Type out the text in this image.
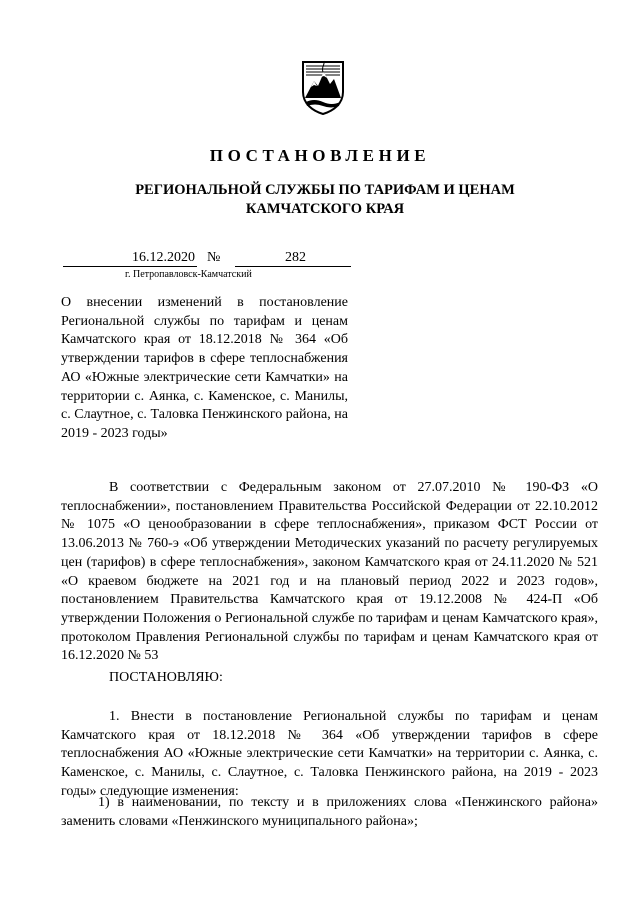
ПОСТАНОВЛЕНИЕ
РЕГИОНАЛЬНОЙ СЛУЖБЫ ПО ТАРИФАМ И ЦЕНАМ
КАМЧАТСКОГО КРАЯ
16.12.2020 №	282
г. Петропавловск-Камчатский

О внесении изменений в постановление Региональной службы по тарифам и ценам Камчатского края от 18.12.2018 № 364 «Об утверждении тарифов в сфере теплоснабжения АО «Южные электрические сети Камчатки» на территории с. Аянка, с. Каменское, с. Манилы, с. Слаутное, с. Таловка Пенжинского района, на 2019 - 2023 годы»

В соответствии с Федеральным законом от 27.07.2010 № 190-ФЗ «О теплоснабжении», постановлением Правительства Российской Федерации от 22.10.2012 № 1075 «О ценообразовании в сфере теплоснабжения», приказом ФСТ России от 13.06.2013 № 760-э «Об утверждении Методических указаний по расчету регулируемых цен (тарифов) в сфере теплоснабжения», законом Камчатского края от 24.11.2020 № 521 «О краевом бюджете на 2021 год и на плановый период 2022 и 2023 годов», постановлением Правительства Камчатского края от 19.12.2008 № 424-П «Об утверждении Положения о Региональной службе по тарифам и ценам Камчатского края», протоколом Правления Региональной службы по тарифам и ценам Камчатского края от 16.12.2020 № 53

ПОСТАНОВЛЯЮ:

1. Внести в постановление Региональной службы по тарифам и ценам Камчатского края от 18.12.2018 № 364 «Об утверждении тарифов в сфере теплоснабжения АО «Южные электрические сети Камчатки» на территории с. Аянка, с. Каменское, с. Манилы, с. Слаутное, с. Таловка Пенжинского района, на 2019 - 2023 годы» следующие изменения:

1) в наименовании, по тексту и в приложениях слова «Пенжинского района» заменить словами «Пенжинского муниципального района»;
